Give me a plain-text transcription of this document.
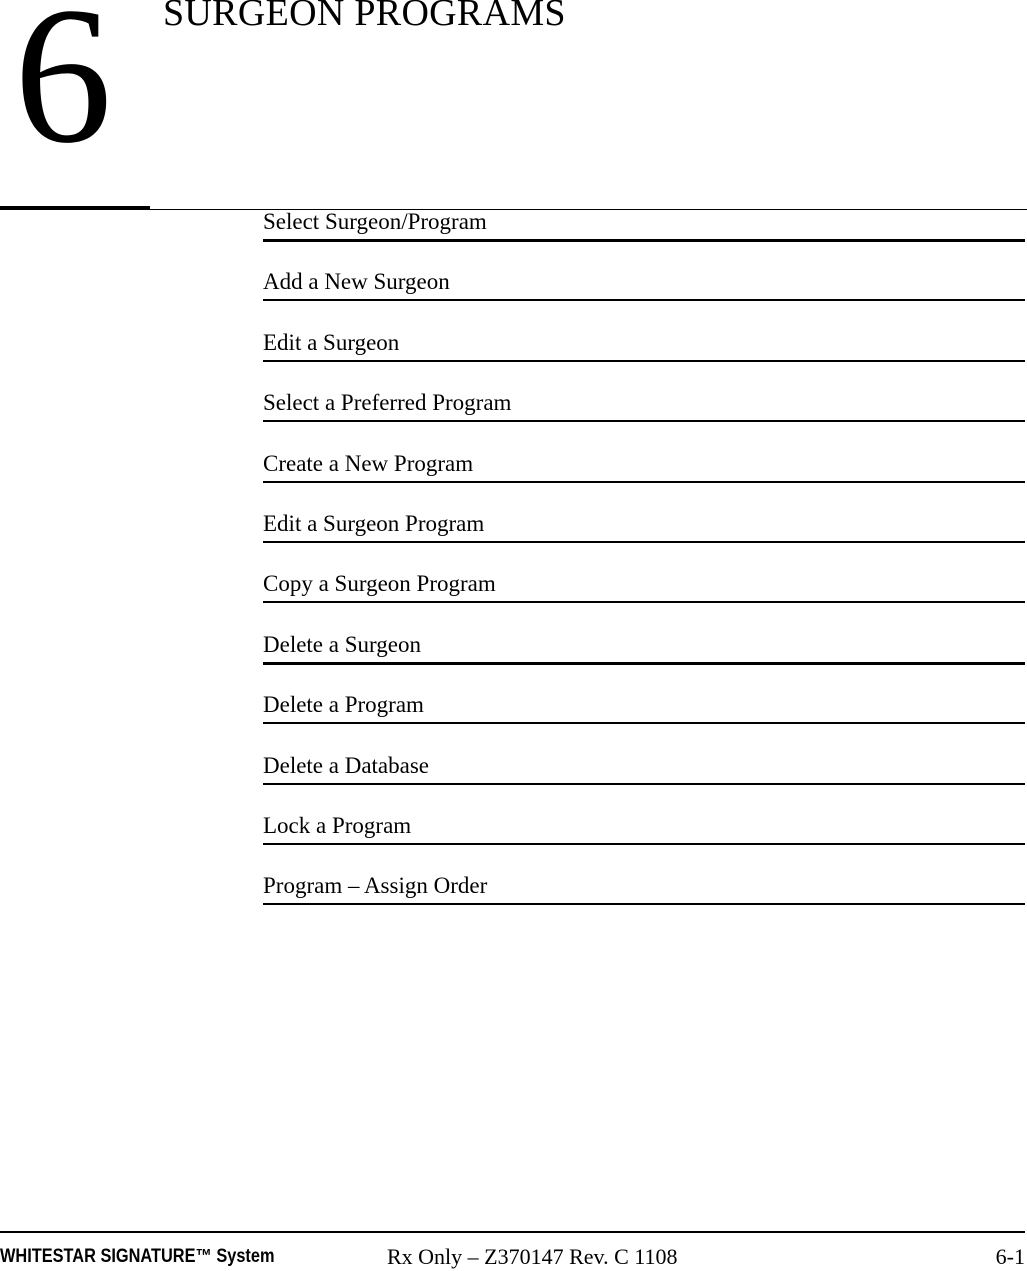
6 SURGEON PROGRAMS
Select Surgeon/Program
Add a New Surgeon
Edit a Surgeon
Select a Preferred Program
Create a New Program
Edit a Surgeon Program
Copy a Surgeon Program
Delete a Surgeon
Delete a Program
Delete a Database
Lock a Program
Program – Assign Order
WHITESTAR SIGNATURE™ System	Rx Only – Z370147 Rev. C 1108	6-1
